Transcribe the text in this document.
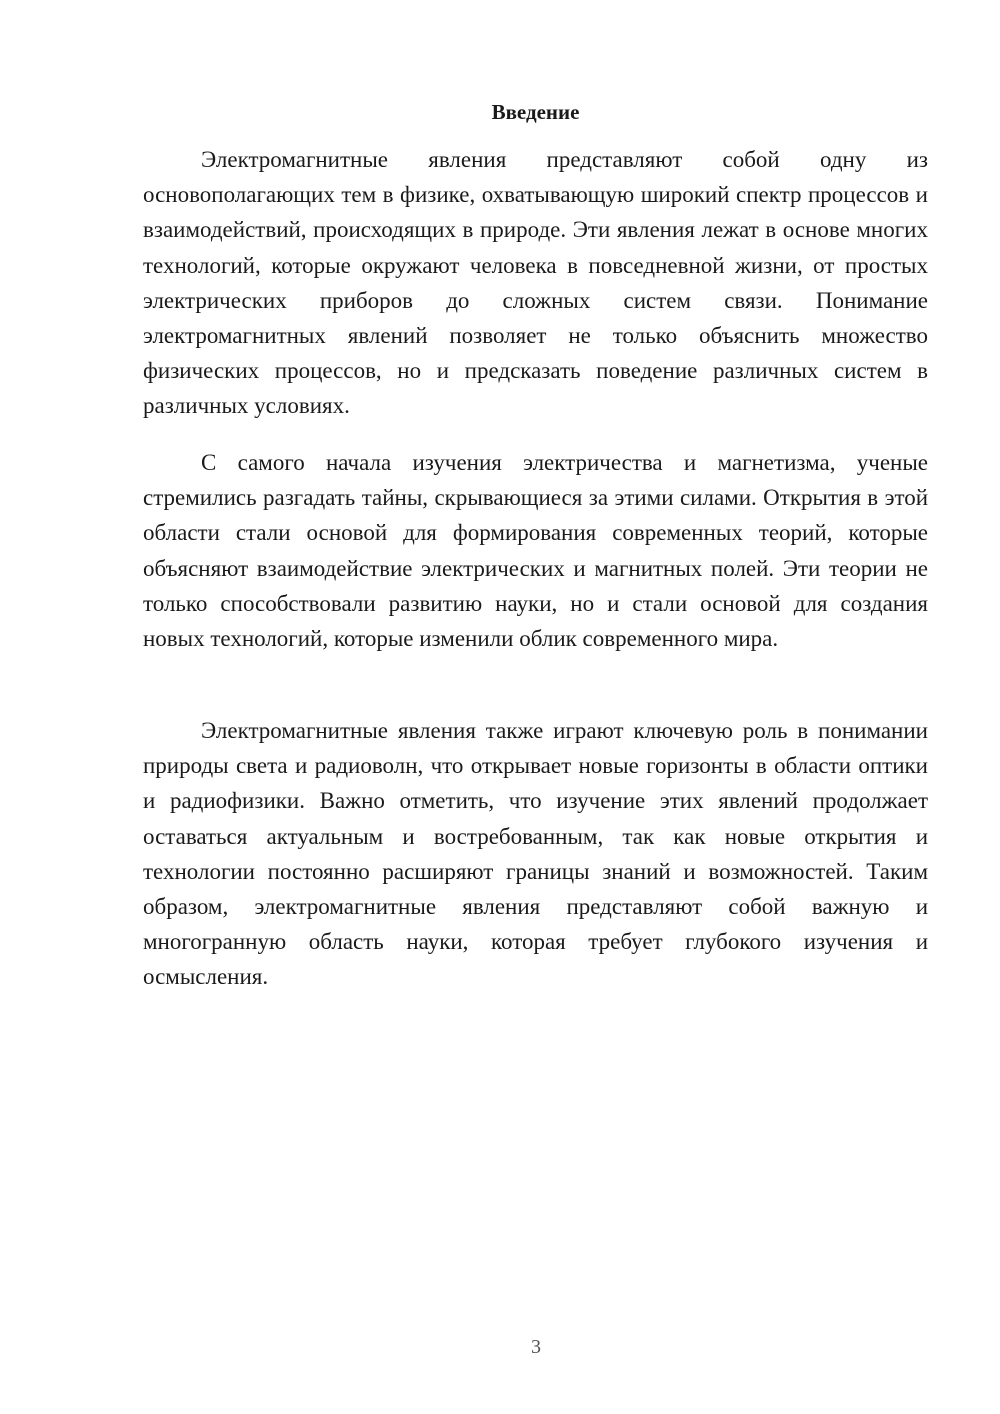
Введение

Электромагнитные явления представляют собой одну из основополагающих тем в физике, охватывающую широкий спектр процессов и взаимодействий, происходящих в природе. Эти явления лежат в основе многих технологий, которые окружают человека в повседневной жизни, от простых электрических приборов до сложных систем связи. Понимание электромагнитных явлений позволяет не только объяснить множество физических процессов, но и предсказать поведение различных систем в различных условиях.

С самого начала изучения электричества и магнетизма, ученые стремились разгадать тайны, скрывающиеся за этими силами. Открытия в этой области стали основой для формирования современных теорий, которые объясняют взаимодействие электрических и магнитных полей. Эти теории не только способствовали развитию науки, но и стали основой для создания новых технологий, которые изменили облик современного мира.

Электромагнитные явления также играют ключевую роль в понимании природы света и радиоволн, что открывает новые горизонты в области оптики и радиофизики. Важно отметить, что изучение этих явлений продолжает оставаться актуальным и востребованным, так как новые открытия и технологии постоянно расширяют границы знаний и возможностей. Таким образом, электромагнитные явления представляют собой важную и многогранную область науки, которая требует глубокого изучения и осмысления.

3
